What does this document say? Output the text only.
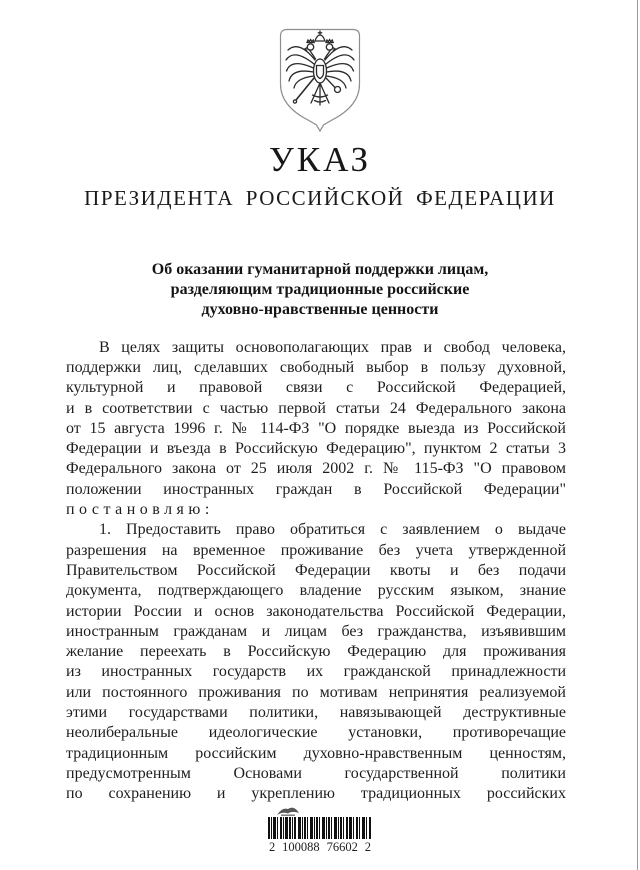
УКАЗ
ПРЕЗИДЕНТА РОССИЙСКОЙ ФЕДЕРАЦИИ
Об оказании гуманитарной поддержки лицам,
разделяющим традиционные российские
духовно-нравственные ценности
В целях защиты основополагающих прав и свобод человека,
поддержки лиц, сделавших свободный выбор в пользу духовной,
культурной и правовой связи с Российской Федерацией,
и в соответствии с частью первой статьи 24 Федерального закона
от 15 августа 1996 г. № 114-ФЗ "О порядке выезда из Российской
Федерации и въезда в Российскую Федерацию", пунктом 2 статьи 3
Федерального закона от 25 июля 2002 г. № 115-ФЗ "О правовом
положении иностранных граждан в Российской Федерации"
постановляю:
1. Предоставить право обратиться с заявлением о выдаче
разрешения на временное проживание без учета утвержденной
Правительством Российской Федерации квоты и без подачи
документа, подтверждающего владение русским языком, знание
истории России и основ законодательства Российской Федерации,
иностранным гражданам и лицам без гражданства, изъявившим
желание переехать в Российскую Федерацию для проживания
из иностранных государств их гражданской принадлежности
или постоянного проживания по мотивам непринятия реализуемой
этими государствами политики, навязывающей деструктивные
неолиберальные идеологические установки, противоречащие
традиционным российским духовно-нравственным ценностям,
предусмотренным Основами государственной политики
по сохранению и укреплению традиционных российских
2 100088 76602 2
